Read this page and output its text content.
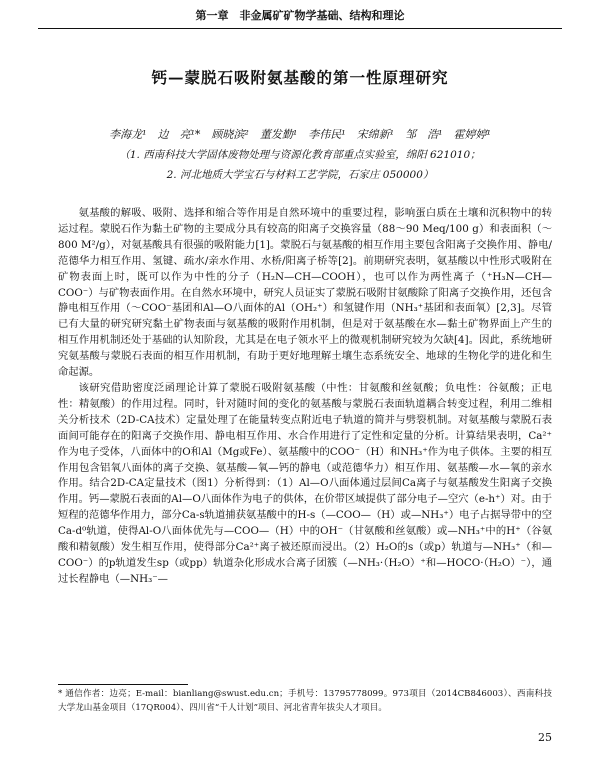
第一章　非金属矿矿物学基础、结构和理论
钙—蒙脱石吸附氨基酸的第一性原理研究
李海龙¹　边　亮¹*　顾晓滨²　董发勤¹　李伟民¹　宋绵新¹　邹　浩¹　霍婷婷¹
（1. 西南科技大学固体废物处理与资源化教育部重点实验室，绵阳 621010；
2. 河北地质大学宝石与材料工艺学院，石家庄 050000）

氨基酸的解吸、吸附、选择和缩合等作用是自然环境中的重要过程，影响蛋白质在土壤和沉积物中的转运过程。蒙脱石作为黏土矿物的主要成分具有较高的阳离子交换容量（88～90 Meq/100 g）和表面积（～800 M²/g），对氨基酸具有很强的吸附能力[1]。蒙脱石与氨基酸的相互作用主要包含阳离子交换作用、静电/范德华力相互作用、氢键、疏水/亲水作用、水桥/阳离子桥等[2]。前期研究表明，氨基酸以中性形式吸附在矿物表面上时，既可以作为中性的分子（H₂N—CH—COOH），也可以作为两性离子（⁺H₃N—CH—COO⁻）与矿物表面作用。在自然水环境中，研究人员证实了蒙脱石吸附甘氨酸除了阳离子交换作用，还包含静电相互作用（～COO⁻基团和Al—O八面体的Al（OH₂⁺）和氢键作用（NH₃⁺基团和表面氧）[2,3]。尽管已有大量的研究研究黏土矿物表面与氨基酸的吸附作用机制，但是对于氨基酸在水—黏土矿物界面上产生的相互作用机制还处于基础的认知阶段，尤其是在电子领水平上的微观机制研究较为欠缺[4]。因此，系统地研究氨基酸与蒙脱石表面的相互作用机制，有助于更好地理解土壤生态系统安全、地球的生物化学的进化和生命起源。

该研究借助密度泛函理论计算了蒙脱石吸附氨基酸（中性：甘氨酸和丝氨酸；负电性：谷氨酸；正电性：精氨酸）的作用过程。同时，针对随时间的变化的氨基酸与蒙脱石表面轨道耦合转变过程，利用二维相关分析技术（2D-CA技术）定量处理了在能量转变点附近电子轨道的简并与劈裂机制。对氨基酸与蒙脱石表面间可能存在的阳离子交换作用、静电相互作用、水合作用进行了定性和定量的分析。计算结果表明，Ca²⁺作为电子受体，八面体中的O和Al（Mg或Fe）、氨基酸中的COO⁻（H）和NH₃⁺作为电子供体。主要的相互作用包含铝氧八面体的离子交换、氨基酸—氧—钙的静电（或范德华力）相互作用、氨基酸—水—氧的亲水作用。结合2D-CA定量技术（图1）分析得到：（1）Al—O八面体通过层间Ca离子与氨基酸发生阳离子交换作用。钙—蒙脱石表面的Al—O八面体作为电子的供体，在价带区域提供了部分电子—空穴（e-h⁺）对。由于短程的范德华作用力，部分Ca-s轨道捕获氨基酸中的H-s（—COO—（H）或—NH₃⁺）电子占据导带中的空Ca-d⁰轨道，使得Al-O八面体优先与—COO—（H）中的OH⁻（甘氨酸和丝氨酸）或—NH₃⁺中的H⁺（谷氨酸和精氨酸）发生相互作用，使得部分Ca²⁺离子被还原而浸出。（2）H₂O的s（或p）轨道与—NH₃⁺（和—COO⁻）的p轨道发生sp（或pp）轨道杂化形成水合离子团簇（—NH₃·（H₂O）⁺和—HOCO·（H₂O）⁻），通过长程静电（—NH₃⁻—

* 通信作者：边亮；E-mail：bianliang@swust.edu.cn；手机号：13795778099。973项目（2014CB846003）、西南科技大学龙山基金项目（17QR004）、四川省“千人计划”项目、河北省青年拔尖人才项目。
25
